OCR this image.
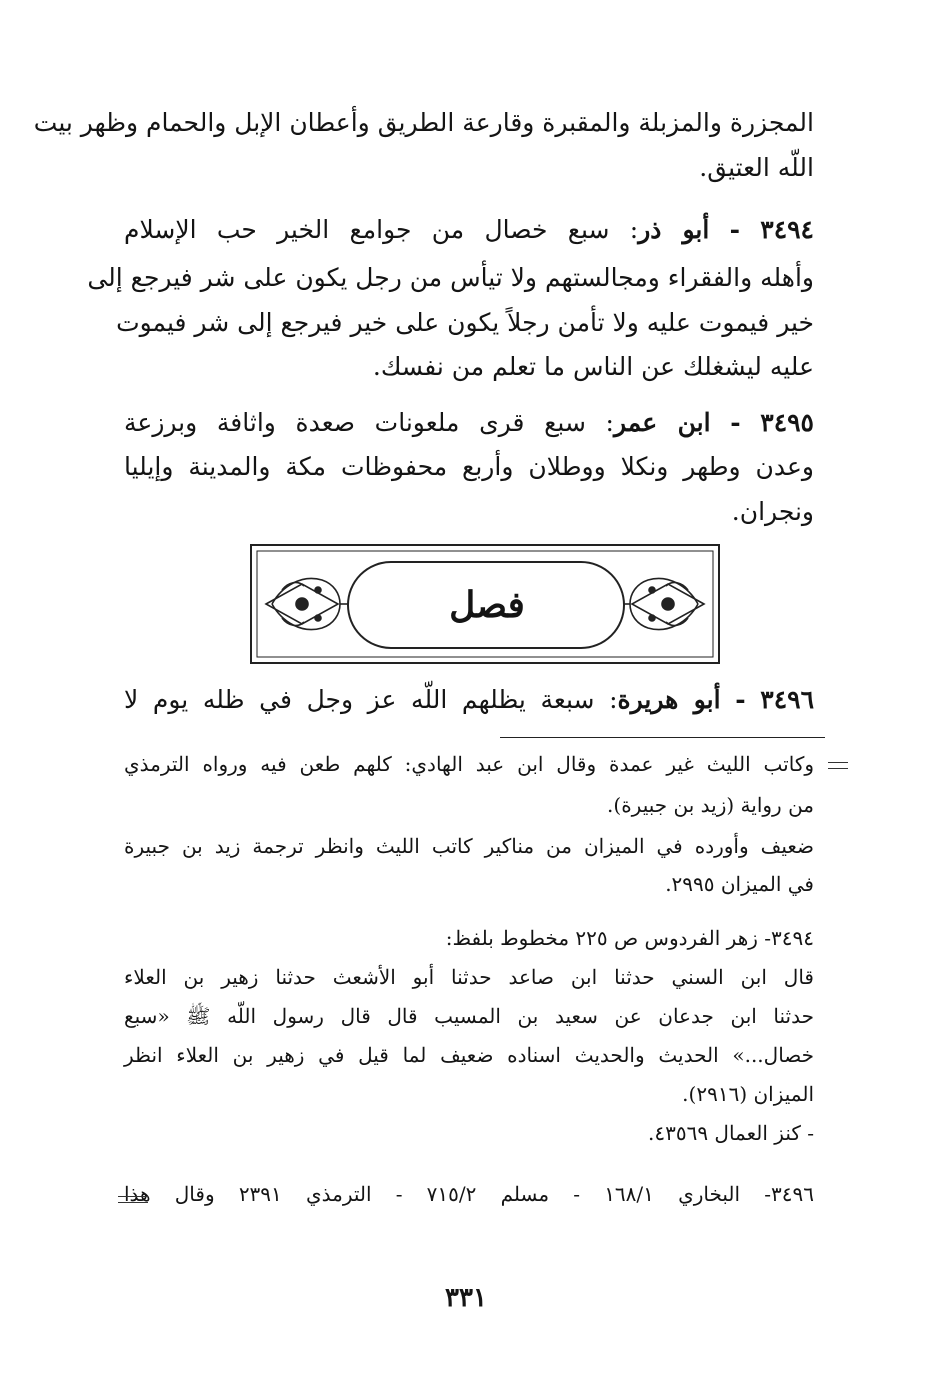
المجزرة والمزبلة والمقبرة وقارعة الطريق وأعطان الإبل والحمام وظهر بيت
اللّه العتيق.
٣٤٩٤ - أبو ذر: سبع خصال من جوامع الخير حب الإسلام
وأهله والفقراء ومجالستهم ولا تيأس من رجل يكون على شر فيرجع إلى
خير فيموت عليه ولا تأمن رجلاً يكون على خير فيرجع إلى شر فيموت
عليه ليشغلك عن الناس ما تعلم من نفسك.
٣٤٩٥ - ابن عمر: سبع قرى ملعونات صعدة واثافة وبرزعة
وعدن وطهر ونكلا ووطلان وأربع محفوظات مكة والمدينة وإيليا
ونجران.
فصل
٣٤٩٦ - أبو هريرة: سبعة يظلهم اللّه عز وجل في ظله يوم لا
وكاتب الليث غير عمدة وقال ابن عبد الهادي: كلهم طعن فيه ورواه الترمذي
من رواية (زيد بن جبيرة).
ضعيف وأورده في الميزان من مناكير كاتب الليث وانظر ترجمة زيد بن جبيرة
في الميزان ٢٩٩٥.
٣٤٩٤- زهر الفردوس ص ٢٢٥ مخطوط بلفظ:
قال ابن السني حدثنا ابن صاعد حدثنا أبو الأشعث حدثنا زهير بن العلاء
حدثنا ابن جدعان عن سعيد بن المسيب قال قال رسول اللّه ﷺ «سبع
خصال...» الحديث والحديث اسناده ضعيف لما قيل في زهير بن العلاء انظر
الميزان (٢٩١٦).
- كنز العمال ٤٣٥٦٩.
٣٤٩٦- البخاري ١٦٨/١ - مسلم ٧١٥/٢ - الترمذي ٢٣٩١ وقال هذا
٣٣١
